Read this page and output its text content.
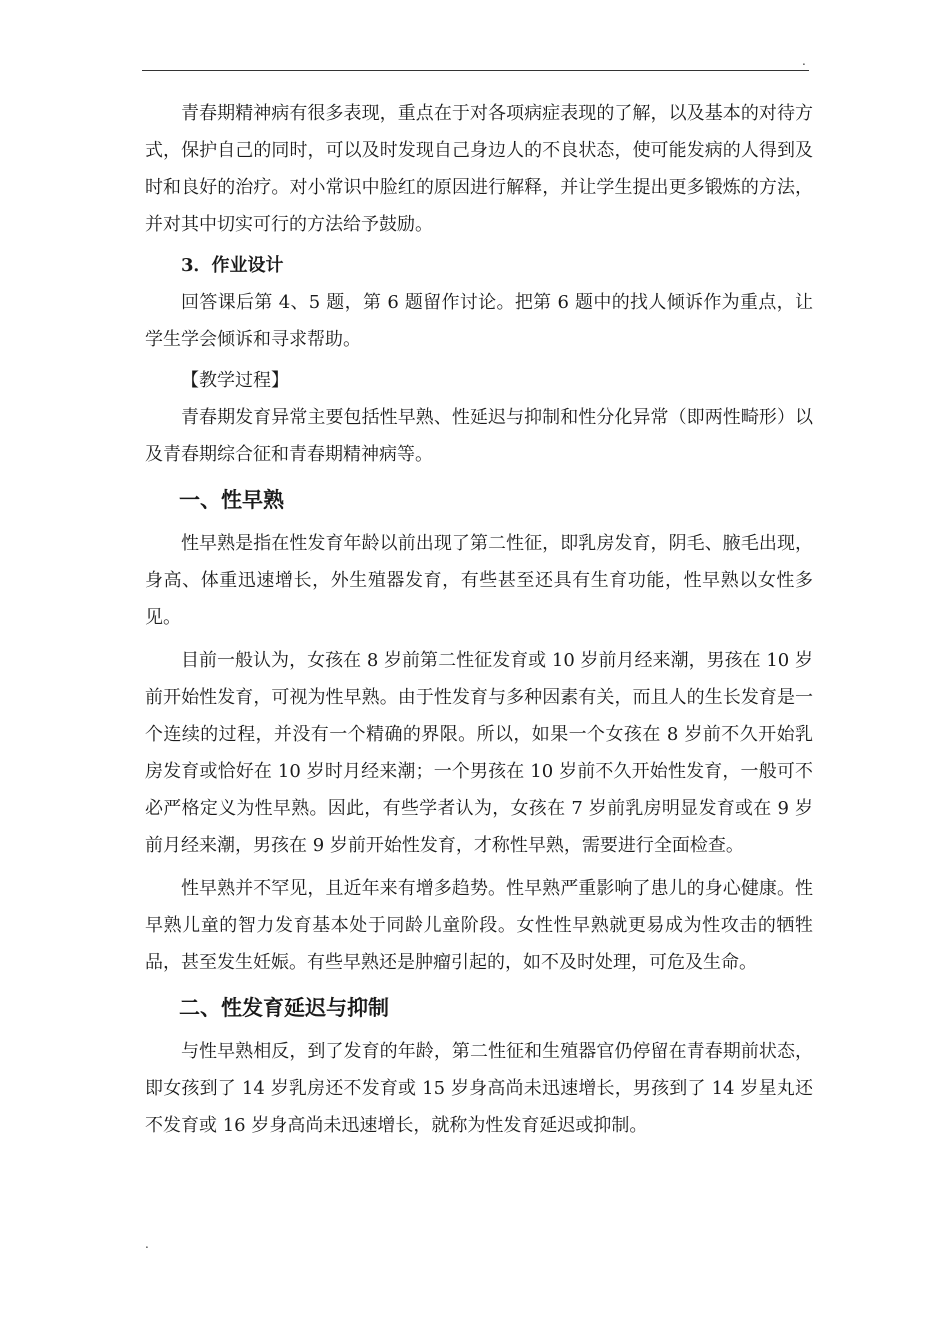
.

青春期精神病有很多表现，重点在于对各项病症表现的了解，以及基本的对待方式，保护自己的同时，可以及时发现自己身边人的不良状态，使可能发病的人得到及时和良好的治疗。对小常识中脸红的原因进行解释，并让学生提出更多锻炼的方法，并对其中切实可行的方法给予鼓励。

3．作业设计

回答课后第 4、5 题，第 6 题留作讨论。把第 6 题中的找人倾诉作为重点，让学生学会倾诉和寻求帮助。

【教学过程】

青春期发育异常主要包括性早熟、性延迟与抑制和性分化异常（即两性畸形）以及青春期综合征和青春期精神病等。

一、性早熟

性早熟是指在性发育年龄以前出现了第二性征，即乳房发育，阴毛、腋毛出现，身高、体重迅速增长，外生殖器发育，有些甚至还具有生育功能，性早熟以女性多见。

目前一般认为，女孩在 8 岁前第二性征发育或 10 岁前月经来潮，男孩在 10 岁前开始性发育，可视为性早熟。由于性发育与多种因素有关，而且人的生长发育是一个连续的过程，并没有一个精确的界限。所以，如果一个女孩在 8 岁前不久开始乳房发育或恰好在 10 岁时月经来潮；一个男孩在 10 岁前不久开始性发育，一般可不必严格定义为性早熟。因此，有些学者认为，女孩在 7 岁前乳房明显发育或在 9 岁前月经来潮，男孩在 9 岁前开始性发育，才称性早熟，需要进行全面检查。

性早熟并不罕见，且近年来有增多趋势。性早熟严重影响了患儿的身心健康。性早熟儿童的智力发育基本处于同龄儿童阶段。女性性早熟就更易成为性攻击的牺牲品，甚至发生妊娠。有些早熟还是肿瘤引起的，如不及时处理，可危及生命。

二、性发育延迟与抑制

与性早熟相反，到了发育的年龄，第二性征和生殖器官仍停留在青春期前状态，即女孩到了 14 岁乳房还不发育或 15 岁身高尚未迅速增长，男孩到了 14 岁星丸还不发育或 16 岁身高尚未迅速增长，就称为性发育延迟或抑制。

.
